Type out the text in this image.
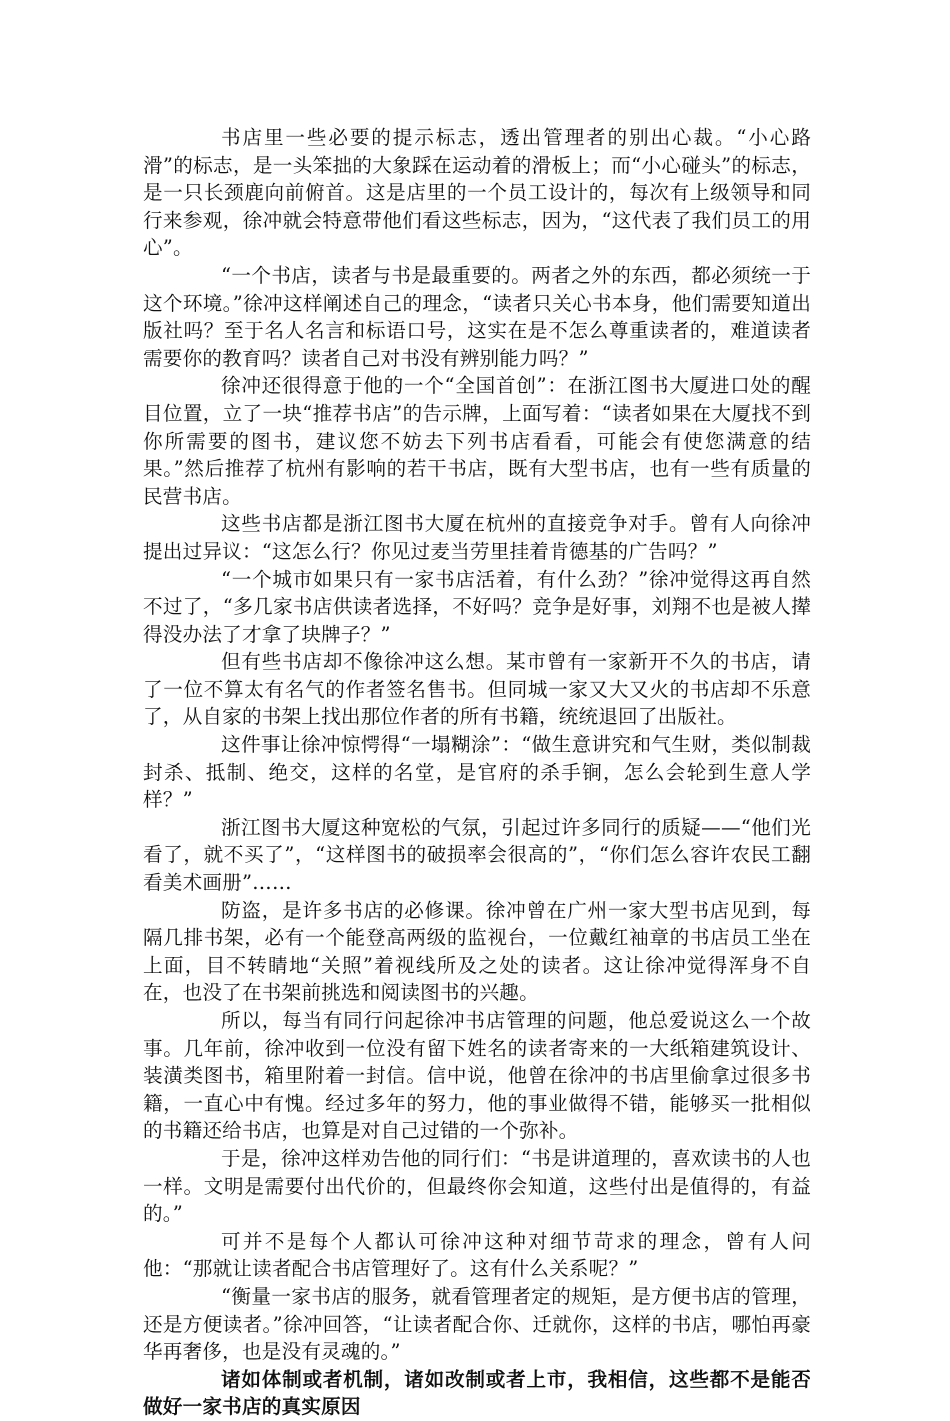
书店里一些必要的提示标志，透出管理者的别出心裁。“小心路滑”的标志，是一头笨拙的大象踩在运动着的滑板上；而“小心碰头”的标志，是一只长颈鹿向前俯首。这是店里的一个员工设计的，每次有上级领导和同行来参观，徐冲就会特意带他们看这些标志，因为，“这代表了我们员工的用心”。

“一个书店，读者与书是最重要的。两者之外的东西，都必须统一于这个环境。”徐冲这样阐述自己的理念，“读者只关心书本身，他们需要知道出版社吗？至于名人名言和标语口号，这实在是不怎么尊重读者的，难道读者需要你的教育吗？读者自己对书没有辨别能力吗？”

徐冲还很得意于他的一个“全国首创”：在浙江图书大厦进口处的醒目位置，立了一块“推荐书店”的告示牌，上面写着：“读者如果在大厦找不到你所需要的图书，建议您不妨去下列书店看看，可能会有使您满意的结果。”然后推荐了杭州有影响的若干书店，既有大型书店，也有一些有质量的民营书店。

这些书店都是浙江图书大厦在杭州的直接竞争对手。曾有人向徐冲提出过异议：“这怎么行？你见过麦当劳里挂着肯德基的广告吗？”

“一个城市如果只有一家书店活着，有什么劲？”徐冲觉得这再自然不过了，“多几家书店供读者选择，不好吗？竞争是好事，刘翔不也是被人撵得没办法了才拿了块牌子？”

但有些书店却不像徐冲这么想。某市曾有一家新开不久的书店，请了一位不算太有名气的作者签名售书。但同城一家又大又火的书店却不乐意了，从自家的书架上找出那位作者的所有书籍，统统退回了出版社。

这件事让徐冲惊愕得“一塌糊涂”：“做生意讲究和气生财，类似制裁封杀、抵制、绝交，这样的名堂，是官府的杀手锏，怎么会轮到生意人学样？”

浙江图书大厦这种宽松的气氛，引起过许多同行的质疑——“他们光看了，就不买了”，“这样图书的破损率会很高的”，“你们怎么容许农民工翻看美术画册”……

防盗，是许多书店的必修课。徐冲曾在广州一家大型书店见到，每隔几排书架，必有一个能登高两级的监视台，一位戴红袖章的书店员工坐在上面，目不转睛地“关照”着视线所及之处的读者。这让徐冲觉得浑身不自在，也没了在书架前挑选和阅读图书的兴趣。

所以，每当有同行问起徐冲书店管理的问题，他总爱说这么一个故事。几年前，徐冲收到一位没有留下姓名的读者寄来的一大纸箱建筑设计、装潢类图书，箱里附着一封信。信中说，他曾在徐冲的书店里偷拿过很多书籍，一直心中有愧。经过多年的努力，他的事业做得不错，能够买一批相似的书籍还给书店，也算是对自己过错的一个弥补。

于是，徐冲这样劝告他的同行们：“书是讲道理的，喜欢读书的人也一样。文明是需要付出代价的，但最终你会知道，这些付出是值得的，有益的。”

可并不是每个人都认可徐冲这种对细节苛求的理念，曾有人问他：“那就让读者配合书店管理好了。这有什么关系呢？”

“衡量一家书店的服务，就看管理者定的规矩，是方便书店的管理，还是方便读者。”徐冲回答，“让读者配合你、迁就你，这样的书店，哪怕再豪华再奢侈，也是没有灵魂的。”

诸如体制或者机制，诸如改制或者上市，我相信，这些都不是能否做好一家书店的真实原因
